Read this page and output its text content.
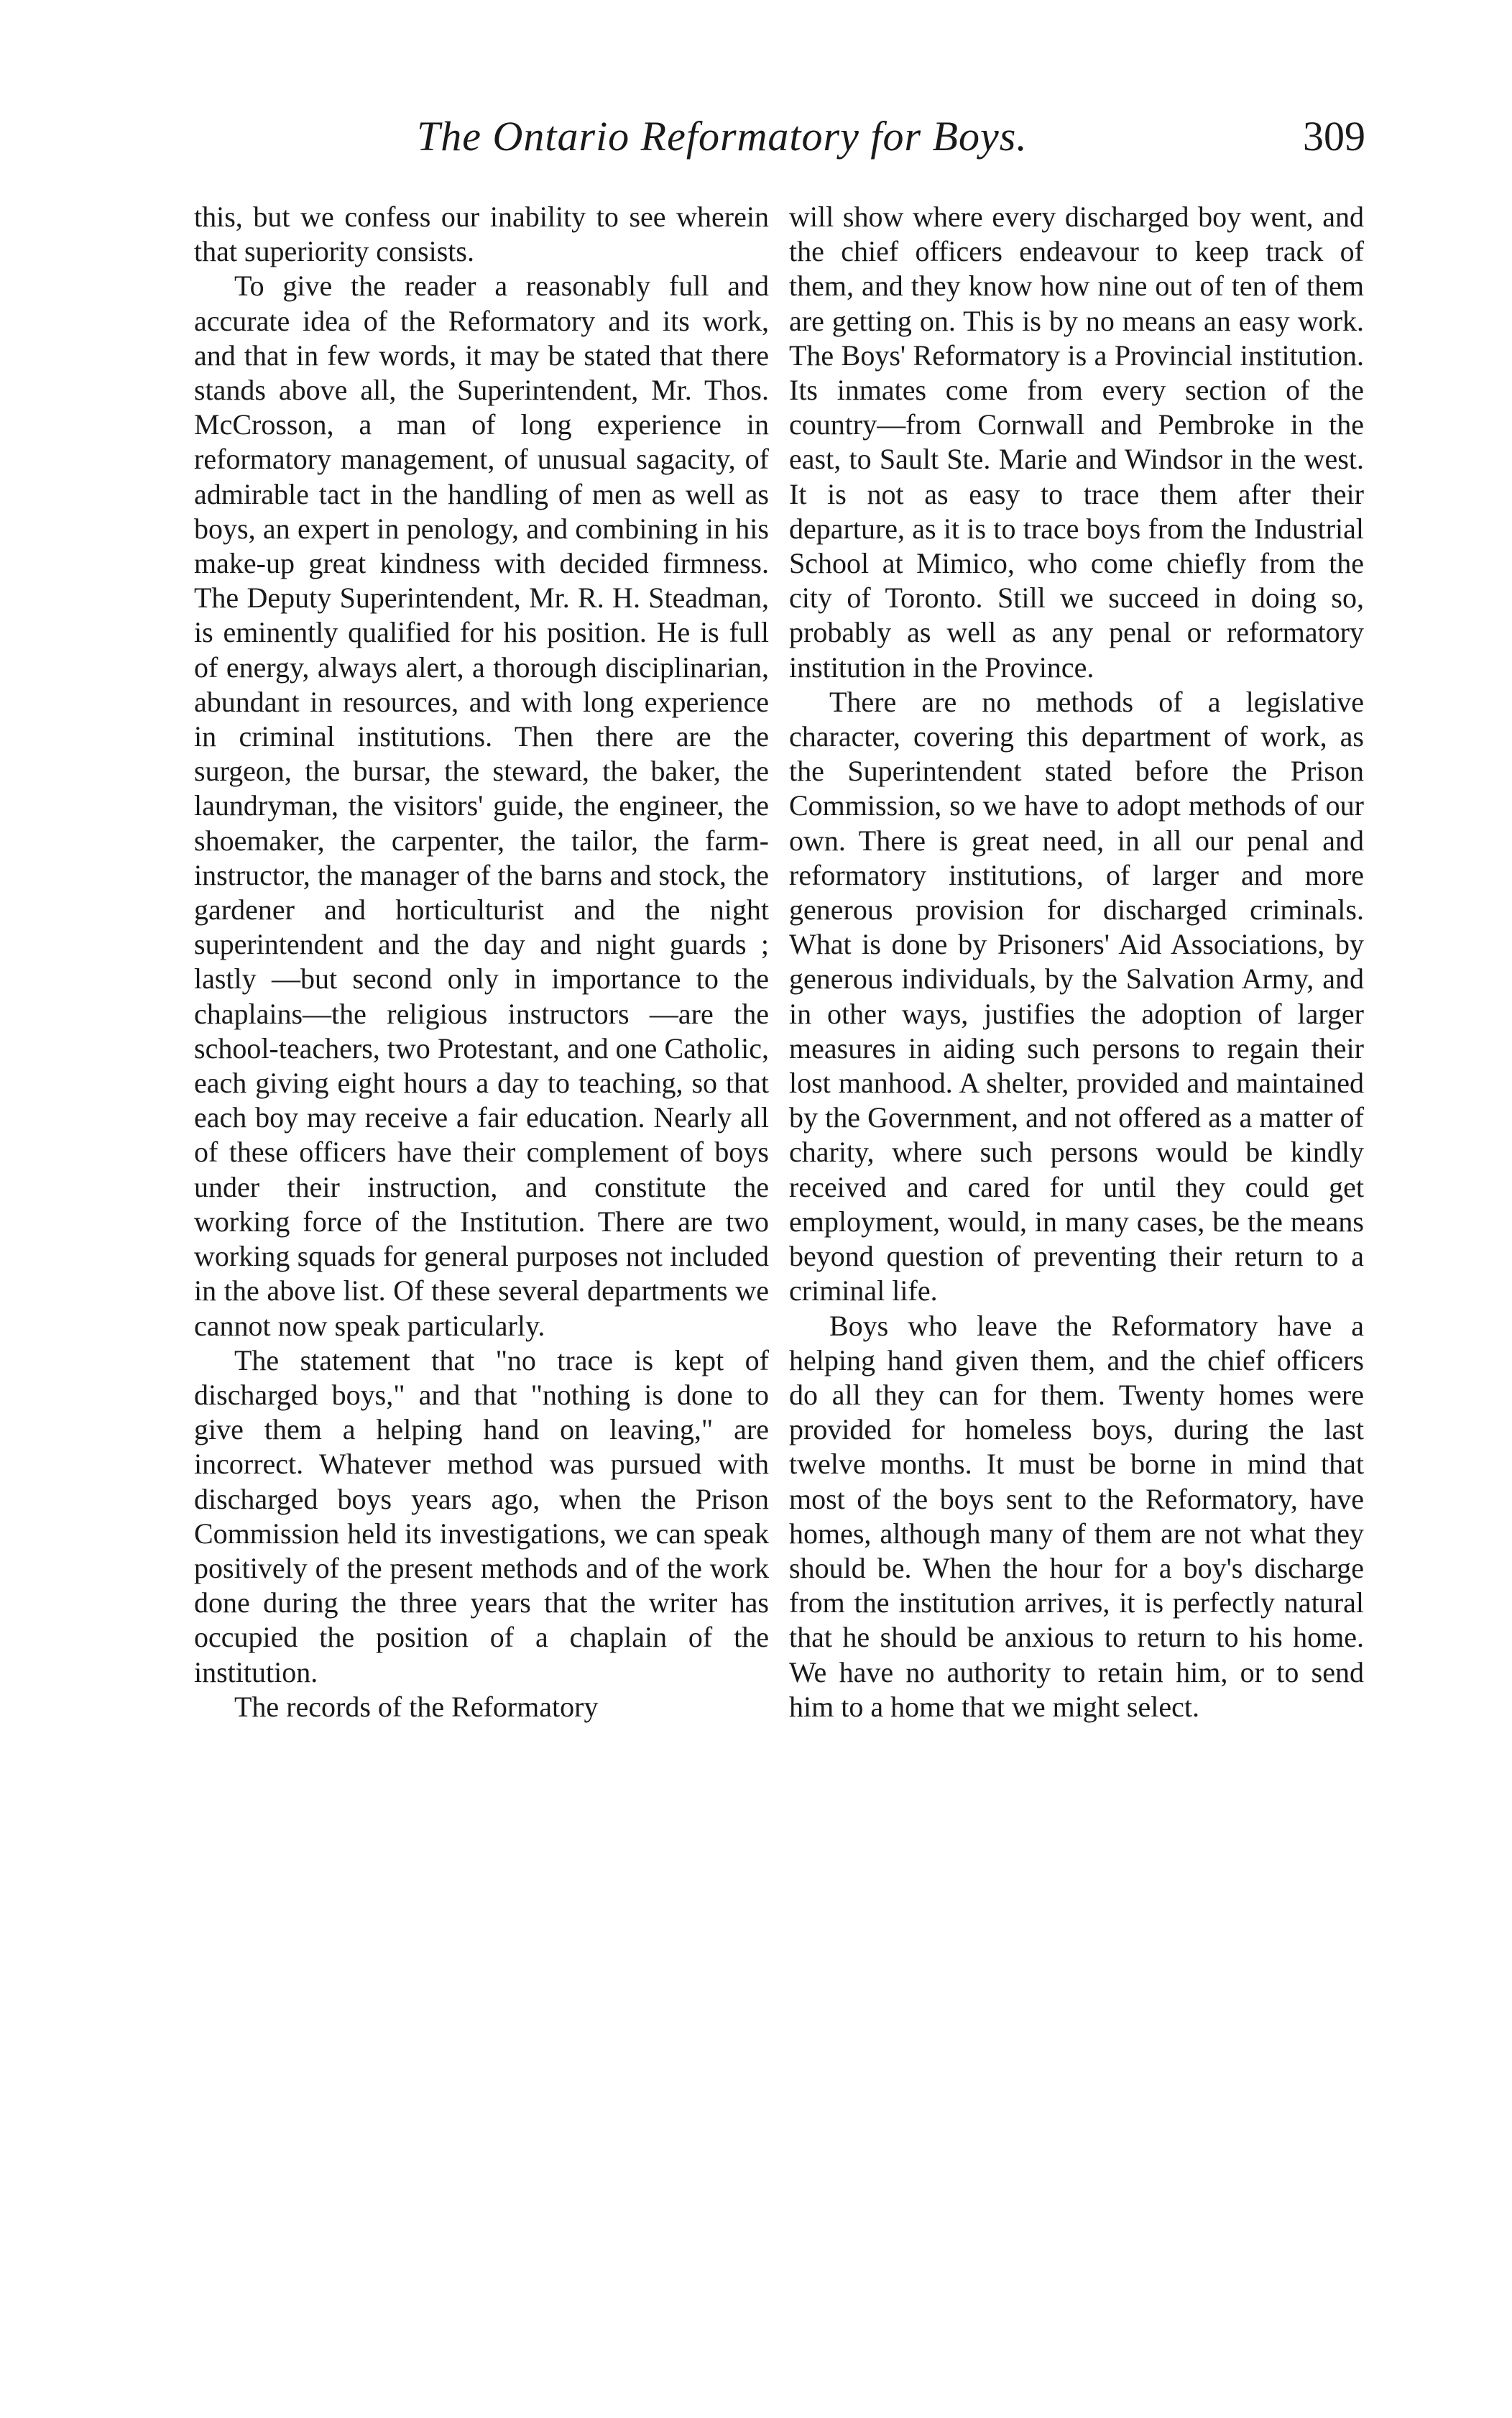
The Ontario Reformatory for Boys.	309

this, but we confess our inability to see wherein that superiority consists.

To give the reader a reasonably full and accurate idea of the Reformatory and its work, and that in few words, it may be stated that there stands above all, the Superintendent, Mr. Thos. McCrosson, a man of long experience in reformatory management, of unusual sagacity, of admirable tact in the handling of men as well as boys, an expert in penology, and combining in his make-up great kindness with decided firmness. The Deputy Superintendent, Mr. R. H. Steadman, is eminently qualified for his position. He is full of energy, always alert, a thorough disciplinarian, abundant in resources, and with long experience in criminal institutions. Then there are the surgeon, the bursar, the steward, the baker, the laundryman, the visitors' guide, the engineer, the shoemaker, the carpenter, the tailor, the farm-instructor, the manager of the barns and stock, the gardener and horticulturist and the night superintendent and the day and night guards ; lastly —but second only in importance to the chaplains—the religious instructors —are the school-teachers, two Protestant, and one Catholic, each giving eight hours a day to teaching, so that each boy may receive a fair education. Nearly all of these officers have their complement of boys under their instruction, and constitute the working force of the Institution. There are two working squads for general purposes not included in the above list. Of these several departments we cannot now speak particularly.

The statement that "no trace is kept of discharged boys," and that "nothing is done to give them a helping hand on leaving," are incorrect. Whatever method was pursued with discharged boys years ago, when the Prison Commission held its investigations, we can speak positively of the present methods and of the work done during the three years that the writer has occupied the position of a chaplain of the institution.

The records of the Reformatory

will show where every discharged boy went, and the chief officers endeavour to keep track of them, and they know how nine out of ten of them are getting on. This is by no means an easy work. The Boys' Reformatory is a Provincial institution. Its inmates come from every section of the country—from Cornwall and Pembroke in the east, to Sault Ste. Marie and Windsor in the west. It is not as easy to trace them after their departure, as it is to trace boys from the Industrial School at Mimico, who come chiefly from the city of Toronto. Still we succeed in doing so, probably as well as any penal or reformatory institution in the Province.

There are no methods of a legislative character, covering this department of work, as the Superintendent stated before the Prison Commission, so we have to adopt methods of our own. There is great need, in all our penal and reformatory institutions, of larger and more generous provision for discharged criminals. What is done by Prisoners' Aid Associations, by generous individuals, by the Salvation Army, and in other ways, justifies the adoption of larger measures in aiding such persons to regain their lost manhood. A shelter, provided and maintained by the Government, and not offered as a matter of charity, where such persons would be kindly received and cared for until they could get employment, would, in many cases, be the means beyond question of preventing their return to a criminal life.

Boys who leave the Reformatory have a helping hand given them, and the chief officers do all they can for them. Twenty homes were provided for homeless boys, during the last twelve months. It must be borne in mind that most of the boys sent to the Reformatory, have homes, although many of them are not what they should be. When the hour for a boy's discharge from the institution arrives, it is perfectly natural that he should be anxious to return to his home. We have no authority to retain him, or to send him to a home that we might select.
